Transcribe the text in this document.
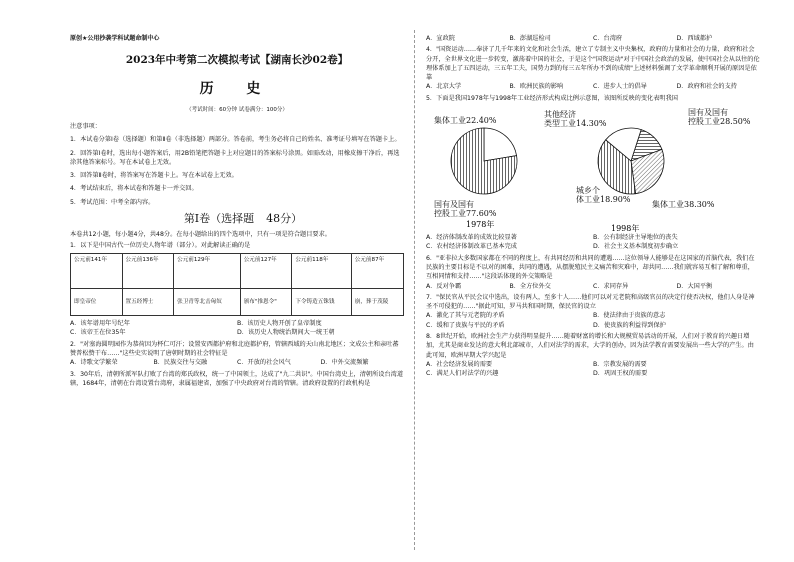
原创★公用抄袭学科试题命制中心
2023年中考第二次模拟考试【湖南长沙02卷】
历 史
（考试时间：60分钟 试卷满分：100分）

注意事项：

1．本试卷分第Ⅰ卷（选择题）和第Ⅱ卷（非选择题）两部分。答卷前，考生务必将自己的姓名、准考证号填写在答题卡上。

2．回答第Ⅰ卷时，选出每小题答案后，用2B铅笔把答题卡上对应题目的答案标号涂黑。如需改动，用橡皮擦干净后，再选涂其他答案标号。写在本试卷上无效。

3．回答第Ⅱ卷时，将答案写在答题卡上。写在本试卷上无效。

4．考试结束后，将本试卷和答题卡一并交回。

5．考试范围：中考全部内容。

第Ⅰ卷（选择题 48分）

本卷共12小题，每小题4分，共48分。在每小题给出的四个选项中，只有一项是符合题目要求。

1．以下是中国古代一位历史人物年谱（部分）。对此解读正确的是

公元前141年	公元前136年	公元前129年	公元前127年	公元前118年	公元前87年
即皇帝位	置五经博士	张卫青等北击匈奴	颁布"推恩令"	下令铸造五铢钱	崩，葬于茂陵
A．该年谱用年号纪年	B．该历史人物开创了皇帝制度
C．该帝王在位35年	D．该历史人物统治期间大一统王朝

2．"对塞海圆明园作为恭荷因为杯仁可汗；设置安西都护府和北庭都护府，管辖西域的天山南北地区；文成公主和亲吐蕃赞普松赞干布……"这些史实说明了唐朝时期的社会特征是

A．诗歌文学繁荣	B．民族交往与交融	C．开放的社会风气	D．中外交流频繁

3．30年后，清朝所派军队打败了台湾的郑氏政权，统一了中国领土，达成了"九二共识"。中国台湾史上，清朝所设台湾道辖，1684年，清朝在台湾设置台湾府，隶属福建省，加强了中央政府对台湾的管辖。清政府设置的行政机构是

A．宣政院	B．澎湖巡检司	C．台湾府	D．西域都护

4．"国资运动……奉济了几千年来的文化和社会生活，建立了专制主义中央集权，政府的力量和社会的力量，政府和社会分开，全世界文化进一步转变，激荡着中国的社会，于是这个"国资运动"对于中国社会政治的发展，使中国社会从以往的伦理体系加上了五四运动，三五年工夫，国势力到的每三五年所办不到的成绩"上述材料强调了文学革命顺利开展的原因是依靠

A．北京大学	B．欧洲民族的影响	C．进步人士的倡导	D．政府和社会的支持

5．下面是我国1978年与1998年工业经济形式构成比例示意图，该图所反映的变化表明我国

集体工业22.40%
国有及国有控股工业77.60%
1978年
其他经济类型工业14.30%
国有及国有控股工业28.50%
集体工业38.30%
城乡个体工业18.90%
1998年
A．经济体制改革的成效比较显著	B．公有制经济主导地位的丧失
C．农村经济体制改革已基本完成	D．社会主义基本制度初步确立

6．"亚非拉大多数国家都在不同的程度上，有共同经历和共同的遭遇……这位领导人能够是在这国家的首脑代表，我们在民族的主要目标是不以对的困难，共同的遭遇，从摆脱殖民主义痛苦和灾难中，却共同……我们就容易互相了解和尊重，互相同情和支持……"这段话体现的外交策略是

A．反对争霸	B．全方位外交	C．求同存异	D．大国平衡

7．"保民官从平民会议中选出，设有两人，至多十人……他们可以对元老院和高级官员的决定行使否决权，他们人身是神圣不可侵犯的……"据此可知，罗马共和国时期，保民官的设立

A．激化了其与元老院的矛盾	B．使法律由于贵族的意志
C．缓和了贵族与平民的矛盾	D．使贵族的利益得到保护

8．8世纪开始，欧洲社会生产力获得明显提升……随着财富的增长和大规模贸易活动的开展，人们对于教育的兴趣日增加，尤其是商业发达的意大利北部城市，人们对法学的需求，大学的创办，因为法学教育需要发展出一些大学的产生。由此可知，欧洲早期大学兴起是

A．社会经济发展的需要	B．宗教发展的需要
C．满足人们对法学的兴趣	D．巩固王权的需要
